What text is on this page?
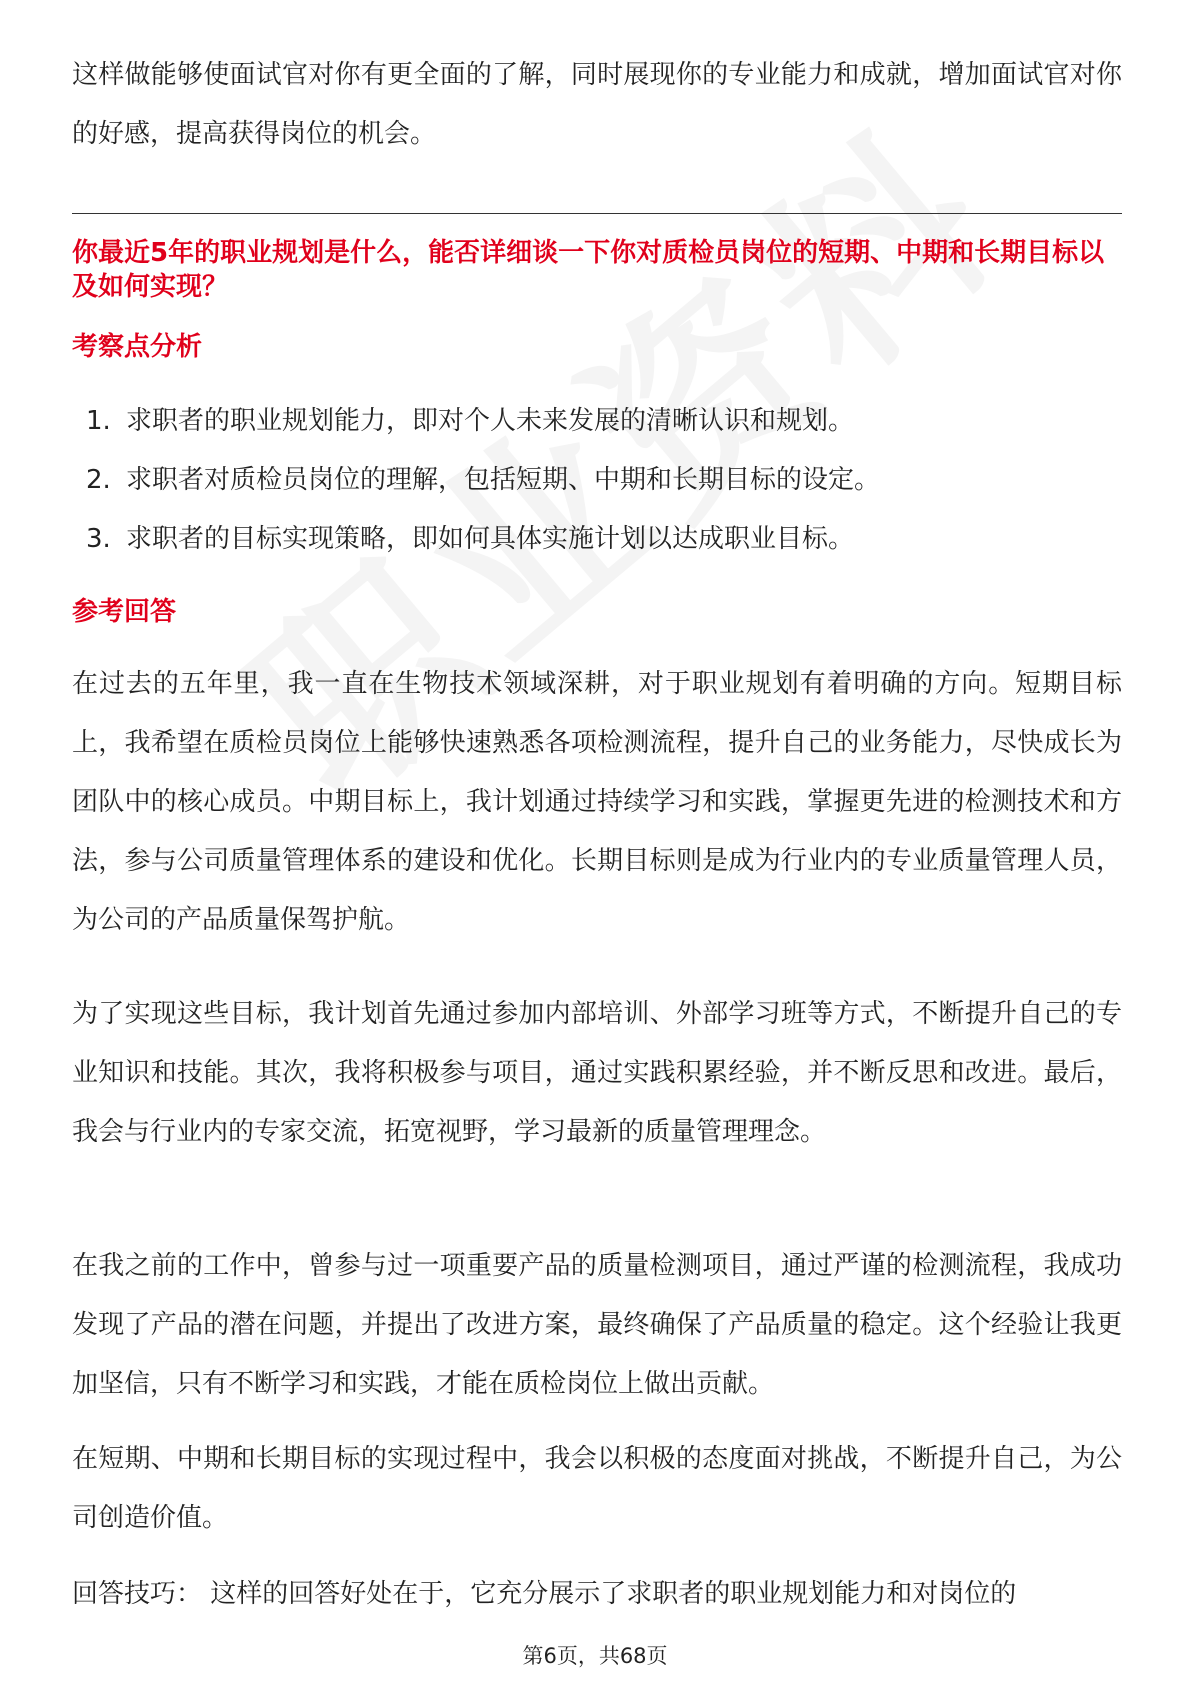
这样做能够使面试官对你有更全面的了解，同时展现你的专业能力和成就，增加面试官对你的好感，提高获得岗位的机会。

你最近5年的职业规划是什么，能否详细谈一下你对质检员岗位的短期、中期和长期目标以及如何实现？

考察点分析

1. 求职者的职业规划能力，即对个人未来发展的清晰认识和规划。
2. 求职者对质检员岗位的理解，包括短期、中期和长期目标的设定。
3. 求职者的目标实现策略，即如何具体实施计划以达成职业目标。

参考回答

在过去的五年里，我一直在生物技术领域深耕，对于职业规划有着明确的方向。短期目标上，我希望在质检员岗位上能够快速熟悉各项检测流程，提升自己的业务能力，尽快成长为团队中的核心成员。中期目标上，我计划通过持续学习和实践，掌握更先进的检测技术和方法，参与公司质量管理体系的建设和优化。长期目标则是成为行业内的专业质量管理人员，为公司的产品质量保驾护航。

为了实现这些目标，我计划首先通过参加内部培训、外部学习班等方式，不断提升自己的专业知识和技能。其次，我将积极参与项目，通过实践积累经验，并不断反思和改进。最后，我会与行业内的专家交流，拓宽视野，学习最新的质量管理理念。

在我之前的工作中，曾参与过一项重要产品的质量检测项目，通过严谨的检测流程，我成功发现了产品的潜在问题，并提出了改进方案，最终确保了产品质量的稳定。这个经验让我更加坚信，只有不断学习和实践，才能在质检岗位上做出贡献。

在短期、中期和长期目标的实现过程中，我会以积极的态度面对挑战，不断提升自己，为公司创造价值。

回答技巧： 这样的回答好处在于，它充分展示了求职者的职业规划能力和对岗位的

第6页，共68页
